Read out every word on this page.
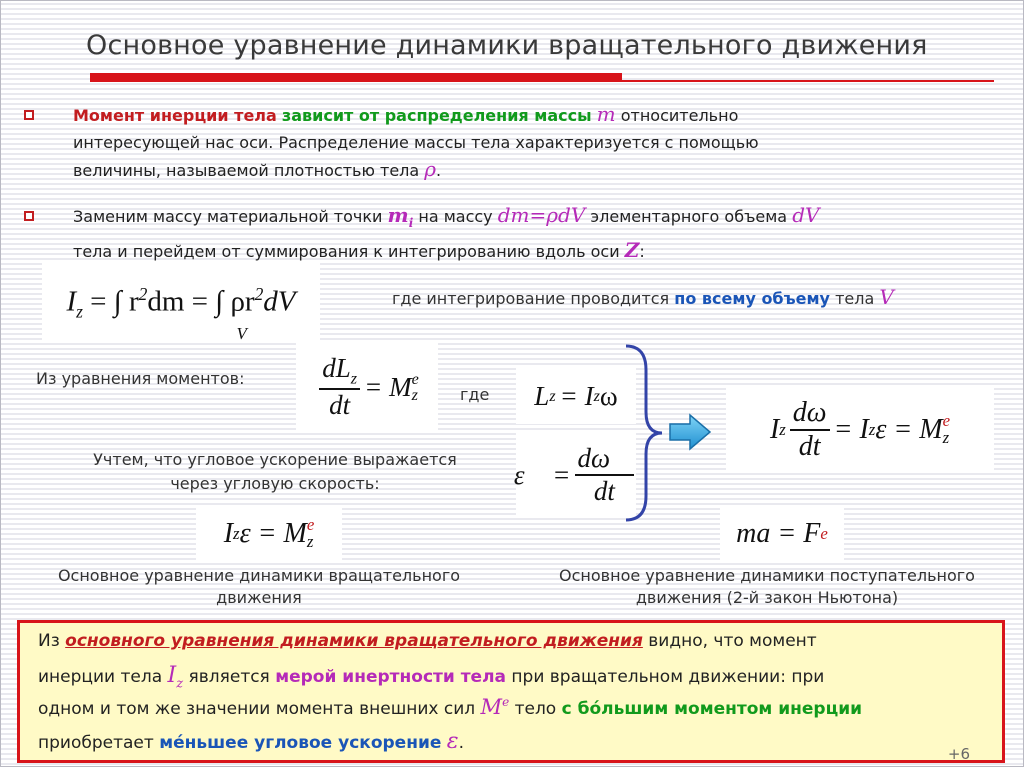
Основное уравнение динамики вращательного движения
Момент инерции тела зависит от распределения массы m относительно
интересующей нас оси. Распределение массы тела характеризуется с помощью
величины, называемой плотностью тела ρ.
Заменим массу материальной точки $m_i$ на массу dm=ρdV элементарного объема dV
тела и перейдем от суммирования к интегрированию вдоль оси Z:
$I_z$ = ∫ $r^2dm$ = ∫ $\rho r^2dV$
V
где интегрирование проводится по всему объему тела V
Из уравнения моментов:	$\frac{dL_z}{dt} = M$ e
z	где L z = I z ω
ε⃗ = $\frac{d\omega⃗}{dt}$
I z $\frac{d\omega}{dt} = I$ z ε = M e
z
Учтем, что угловое ускорение выражается
через угловую скорость:
I z ε = M e
z	ma = F e
Основное уравнение динамики вращательного
движения
Основное уравнение динамики поступательного
движения (2-й закон Ньютона)
Из основного уравнения динамики вращательного движения видно, что момент
инерции тела $I_z$ является мерой инертности тела при вращательном движении: при
одном и том же значении момента внешних сил Me тело с бóльшим моментом инерции
приобретает мéньшее угловое ускорение ε.
+6
